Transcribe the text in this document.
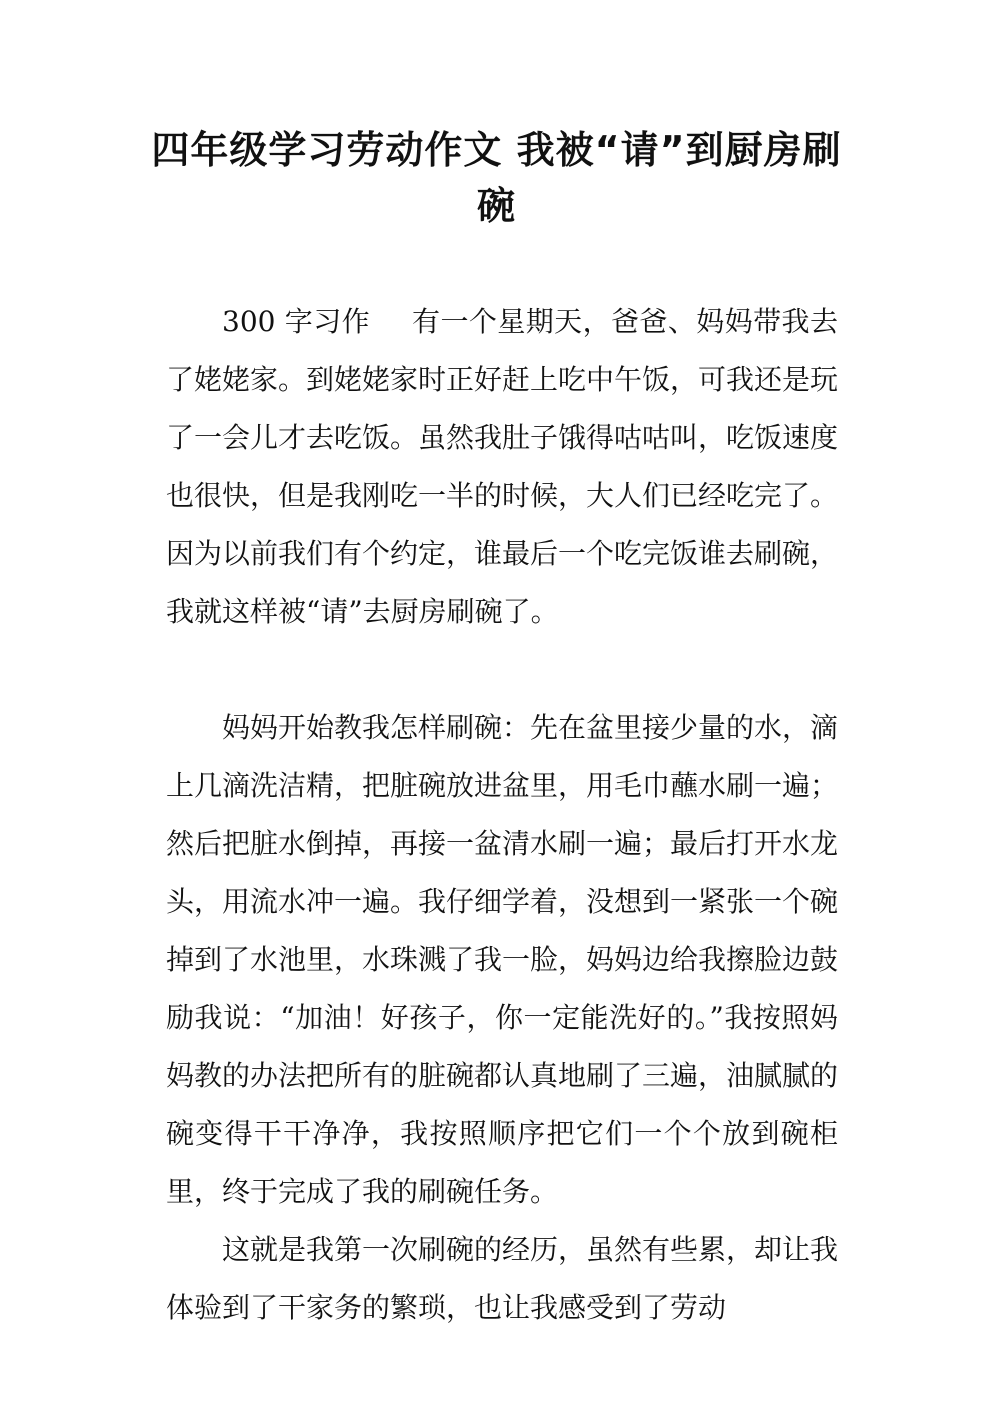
四年级学习劳动作文 我被“请”到厨房刷碗

300 字习作 有一个星期天，爸爸、妈妈带我去了姥姥家。到姥姥家时正好赶上吃中午饭，可我还是玩了一会儿才去吃饭。虽然我肚子饿得咕咕叫，吃饭速度也很快，但是我刚吃一半的时候，大人们已经吃完了。因为以前我们有个约定，谁最后一个吃完饭谁去刷碗，我就这样被“请”去厨房刷碗了。

妈妈开始教我怎样刷碗：先在盆里接少量的水，滴上几滴洗洁精，把脏碗放进盆里，用毛巾蘸水刷一遍；然后把脏水倒掉，再接一盆清水刷一遍；最后打开水龙头，用流水冲一遍。我仔细学着，没想到一紧张一个碗掉到了水池里，水珠溅了我一脸，妈妈边给我擦脸边鼓励我说：“加油！好孩子，你一定能洗好的。”我按照妈妈教的办法把所有的脏碗都认真地刷了三遍，油腻腻的碗变得干干净净，我按照顺序把它们一个个放到碗柜里，终于完成了我的刷碗任务。

这就是我第一次刷碗的经历，虽然有些累，却让我体验到了干家务的繁琐，也让我感受到了劳动
